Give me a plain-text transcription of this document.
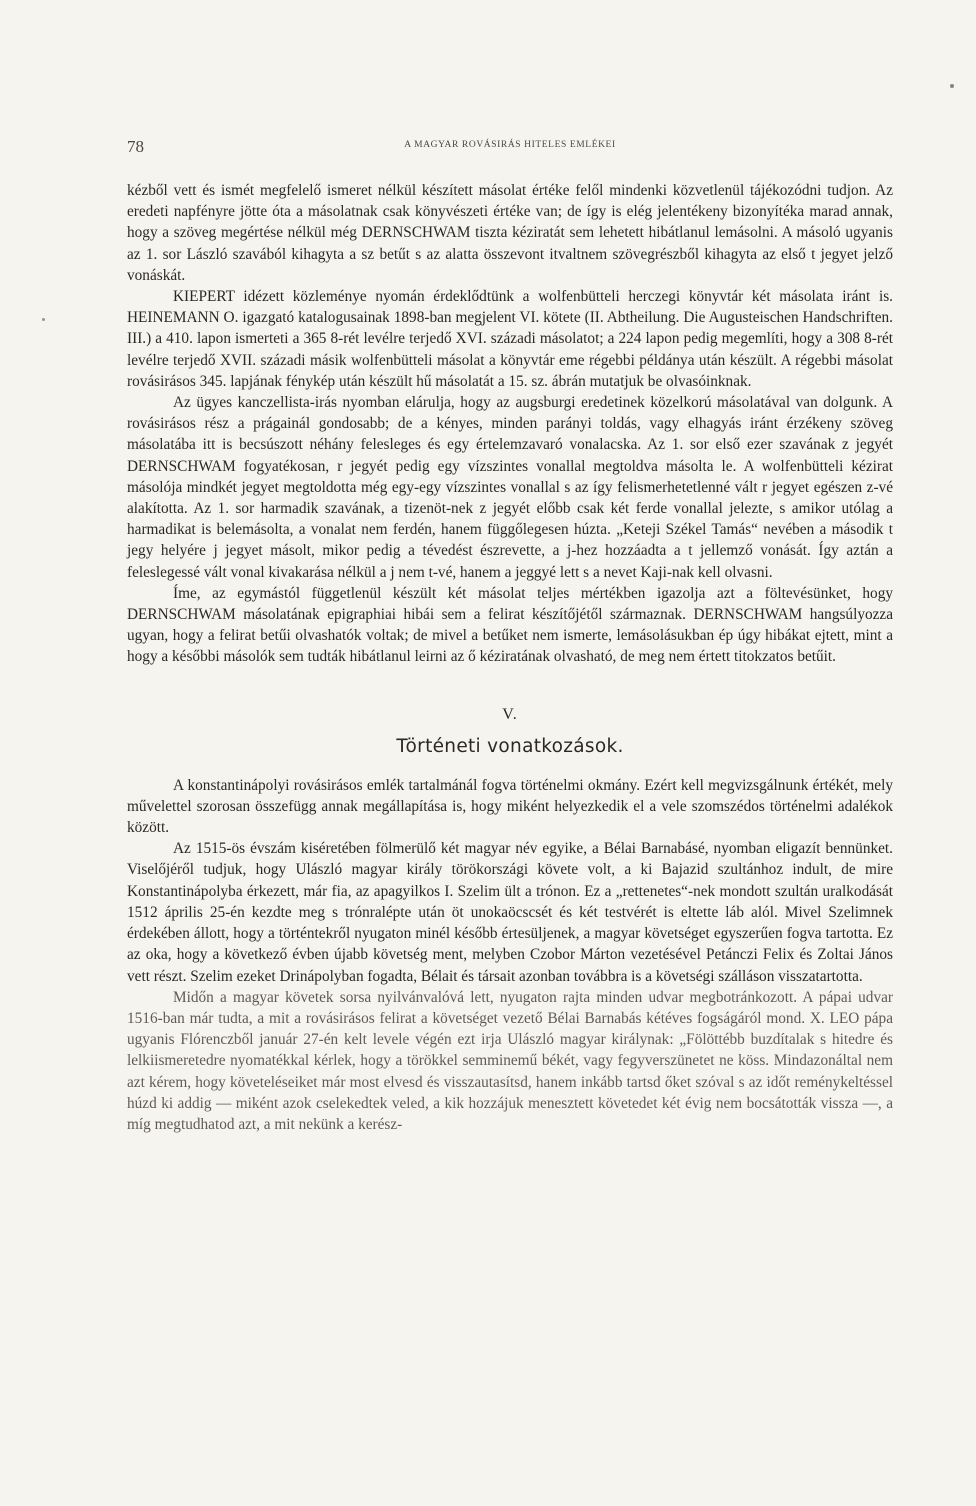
78	A MAGYAR ROVÁSIRÁS HITELES EMLÉKEI

kézből vett és ismét megfelelő ismeret nélkül készített másolat értéke felől mindenki közvetlenül tájékozódni tudjon. Az eredeti napfényre jötte óta a másolatnak csak könyvészeti értéke van; de így is elég jelentékeny bizonyítéka marad annak, hogy a szöveg megértése nélkül még DERNSCHWAM tiszta kéziratát sem lehetett hibátlanul lemásolni. A másoló ugyanis az 1. sor László szavából kihagyta a sz betűt s az alatta összevont itvaltnem szövegrészből kihagyta az első t jegyet jelző vonáskát.

KIEPERT idézett közleménye nyomán érdeklődtünk a wolfenbütteli herczegi könyvtár két másolata iránt is. HEINEMANN O. igazgató katalogusainak 1898-ban megjelent VI. kötete (II. Abtheilung. Die Augusteischen Handschriften. III.) a 410. lapon ismerteti a 365 8-rét levélre terjedő XVI. századi másolatot; a 224 lapon pedig megemlíti, hogy a 308 8-rét levélre terjedő XVII. századi másik wolfenbütteli másolat a könyvtár eme régebbi példánya után készült. A régebbi másolat rovásirásos 345. lapjának fénykép után készült hű másolatát a 15. sz. ábrán mutatjuk be olvasóinknak.

Az ügyes kanczellista-irás nyomban elárulja, hogy az augsburgi eredetinek közelkorú másolatával van dolgunk. A rovásirásos rész a prágainál gondosabb; de a kényes, minden parányi toldás, vagy elhagyás iránt érzékeny szöveg másolatába itt is becsúszott néhány felesleges és egy értelemzavaró vonalacska. Az 1. sor első ezer szavának z jegyét DERNSCHWAM fogyatékosan, r jegyét pedig egy vízszintes vonallal megtoldva másolta le. A wolfenbütteli kézirat másolója mindkét jegyet megtoldotta még egy-egy vízszintes vonallal s az így felismerhetetlenné vált r jegyet egészen z-vé alakította. Az 1. sor harmadik szavának, a tizenöt-nek z jegyét előbb csak két ferde vonallal jelezte, s amikor utólag a harmadikat is belemásolta, a vonalat nem ferdén, hanem függőlegesen húzta. „Keteji Székel Tamás“ nevében a második t jegy helyére j jegyet másolt, mikor pedig a tévedést észrevette, a j-hez hozzáadta a t jellemző vonását. Így aztán a feleslegessé vált vonal kivakarása nélkül a j nem t-vé, hanem a jeggyé lett s a nevet Kaji-nak kell olvasni.

Íme, az egymástól függetlenül készült két másolat teljes mértékben igazolja azt a föltevésünket, hogy DERNSCHWAM másolatának epigraphiai hibái sem a felirat készítőjétől származnak. DERNSCHWAM hangsúlyozza ugyan, hogy a felirat betűi olvashatók voltak; de mivel a betűket nem ismerte, lemásolásukban ép úgy hibákat ejtett, mint a hogy a későbbi másolók sem tudták hibátlanul leirni az ő kéziratának olvasható, de meg nem értett titokzatos betűit.

V.
Történeti vonatkozások.

A konstantinápolyi rovásirásos emlék tartalmánál fogva történelmi okmány. Ezért kell megvizsgálnunk értékét, mely művelettel szorosan összefügg annak megállapítása is, hogy miként helyezkedik el a vele szomszédos történelmi adalékok között.

Az 1515-ös évszám kiséretében fölmerülő két magyar név egyike, a Bélai Barnabásé, nyomban eligazít bennünket. Viselőjéről tudjuk, hogy Ulászló magyar király törökországi követe volt, a ki Bajazid szultánhoz indult, de mire Konstantinápolyba érkezett, már fia, az apagyilkos I. Szelim ült a trónon. Ez a „rettenetes“-nek mondott szultán uralkodását 1512 április 25-én kezdte meg s trónralépte után öt unokaöcscsét és két testvérét is eltette láb alól. Mivel Szelimnek érdekében állott, hogy a történtekről nyugaton minél később értesüljenek, a magyar követséget egyszerűen fogva tartotta. Ez az oka, hogy a következő évben újabb követség ment, melyben Czobor Márton vezetésével Petánczi Felix és Zoltai János vett részt. Szelim ezeket Drinápolyban fogadta, Bélait és társait azonban továbbra is a követségi szálláson visszatartotta.

Midőn a magyar követek sorsa nyilvánvalóvá lett, nyugaton rajta minden udvar megbotránkozott. A pápai udvar 1516-ban már tudta, a mit a rovásirásos felirat a követséget vezető Bélai Barnabás kétéves fogságáról mond. X. LEO pápa ugyanis Flórenczből január 27-én kelt levele végén ezt irja Ulászló magyar királynak: „Fölöttébb buzdítalak s hitedre és lelkiismeretedre nyomatékkal kérlek, hogy a törökkel semminemű békét, vagy fegyverszünetet ne köss. Mindazonáltal nem azt kérem, hogy követeléseiket már most elvesd és visszautasítsd, hanem inkább tartsd őket szóval s az időt reménykeltéssel húzd ki addig — miként azok cselekedtek veled, a kik hozzájuk menesztett követedet két évig nem bocsátották vissza —, a míg megtudhatod azt, a mit nekünk a kerész-
